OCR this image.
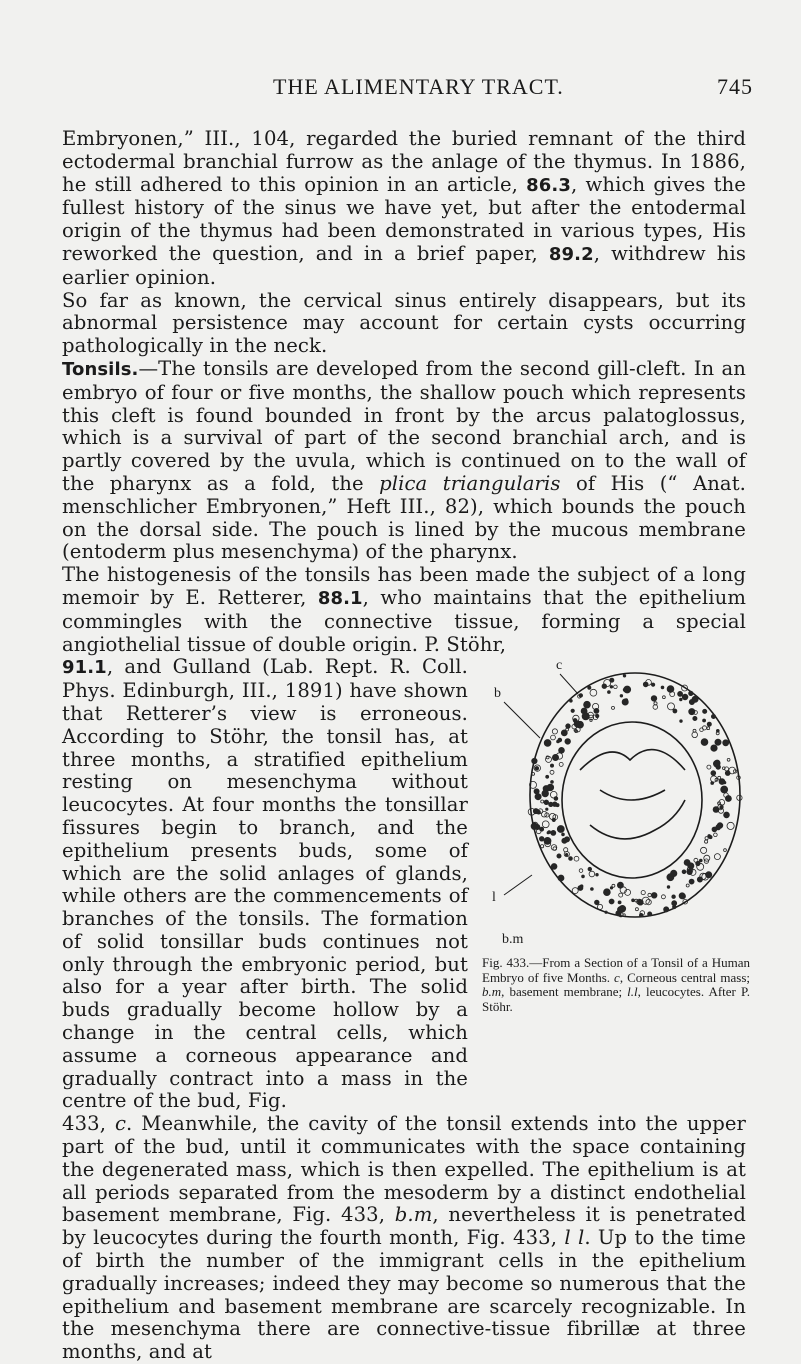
THE ALIMENTARY TRACT.	745

Embryonen,” III., 104, regarded the buried remnant of the third ectodermal branchial furrow as the anlage of the thymus. In 1886, he still adhered to this opinion in an article, 86.3, which gives the fullest history of the sinus we have yet, but after the entodermal origin of the thymus had been demonstrated in various types, His reworked the question, and in a brief paper, 89.2, withdrew his earlier opinion.

So far as known, the cervical sinus entirely disappears, but its abnormal persistence may account for certain cysts occurring pathologically in the neck.

Tonsils.—The tonsils are developed from the second gill-cleft. In an embryo of four or five months, the shallow pouch which represents this cleft is found bounded in front by the arcus palatoglossus, which is a survival of part of the second branchial arch, and is partly covered by the uvula, which is continued on to the wall of the pharynx as a fold, the plica triangularis of His (“ Anat. menschlicher Embryonen,” Heft III., 82), which bounds the pouch on the dorsal side. The pouch is lined by the mucous membrane (entoderm plus mesenchyma) of the pharynx.

The histogenesis of the tonsils has been made the subject of a long memoir by E. Retterer, 88.1, who maintains that the epithelium commingles with the connective tissue, forming a special angiothelial tissue of double origin. P. Stöhr,

91.1, and Gulland (Lab. Rept. R. Coll. Phys. Edinburgh, III., 1891) have shown that Retterer’s view is erroneous. According to Stöhr, the tonsil has, at three months, a stratified epithelium resting on mesenchyma without leucocytes. At four months the tonsillar fissures begin to branch, and the epithelium presents buds, some of which are the solid anlages of glands, while others are the commencements of branches of the tonsils. The formation of solid tonsillar buds continues not only through the embryonic period, but also for a year after birth. The solid buds gradually become hollow by a change in the central cells, which assume a corneous appearance and gradually contract into a mass in the centre of the bud, Fig.

433, c. Meanwhile, the cavity of the tonsil extends into the upper part of the bud, until it communicates with the space containing the degenerated mass, which is then expelled. The epithelium is at all periods separated from the mesoderm by a distinct endothelial basement membrane, Fig. 433, b.m, nevertheless it is penetrated by leucocytes during the fourth month, Fig. 433, l l. Up to the time of birth the number of the immigrant cells in the epithelium gradually increases; indeed they may become so numerous that the epithelium and basement membrane are scarcely recognizable. In the mesenchyma there are connective-tissue fibrillæ at three months, and at

c
b
l
b.m
Fig. 433.—From a Section of a Tonsil of a Human Embryo of five Months. c, Corneous central mass; b.m, basement membrane; l.l, leucocytes. After P. Stöhr.
